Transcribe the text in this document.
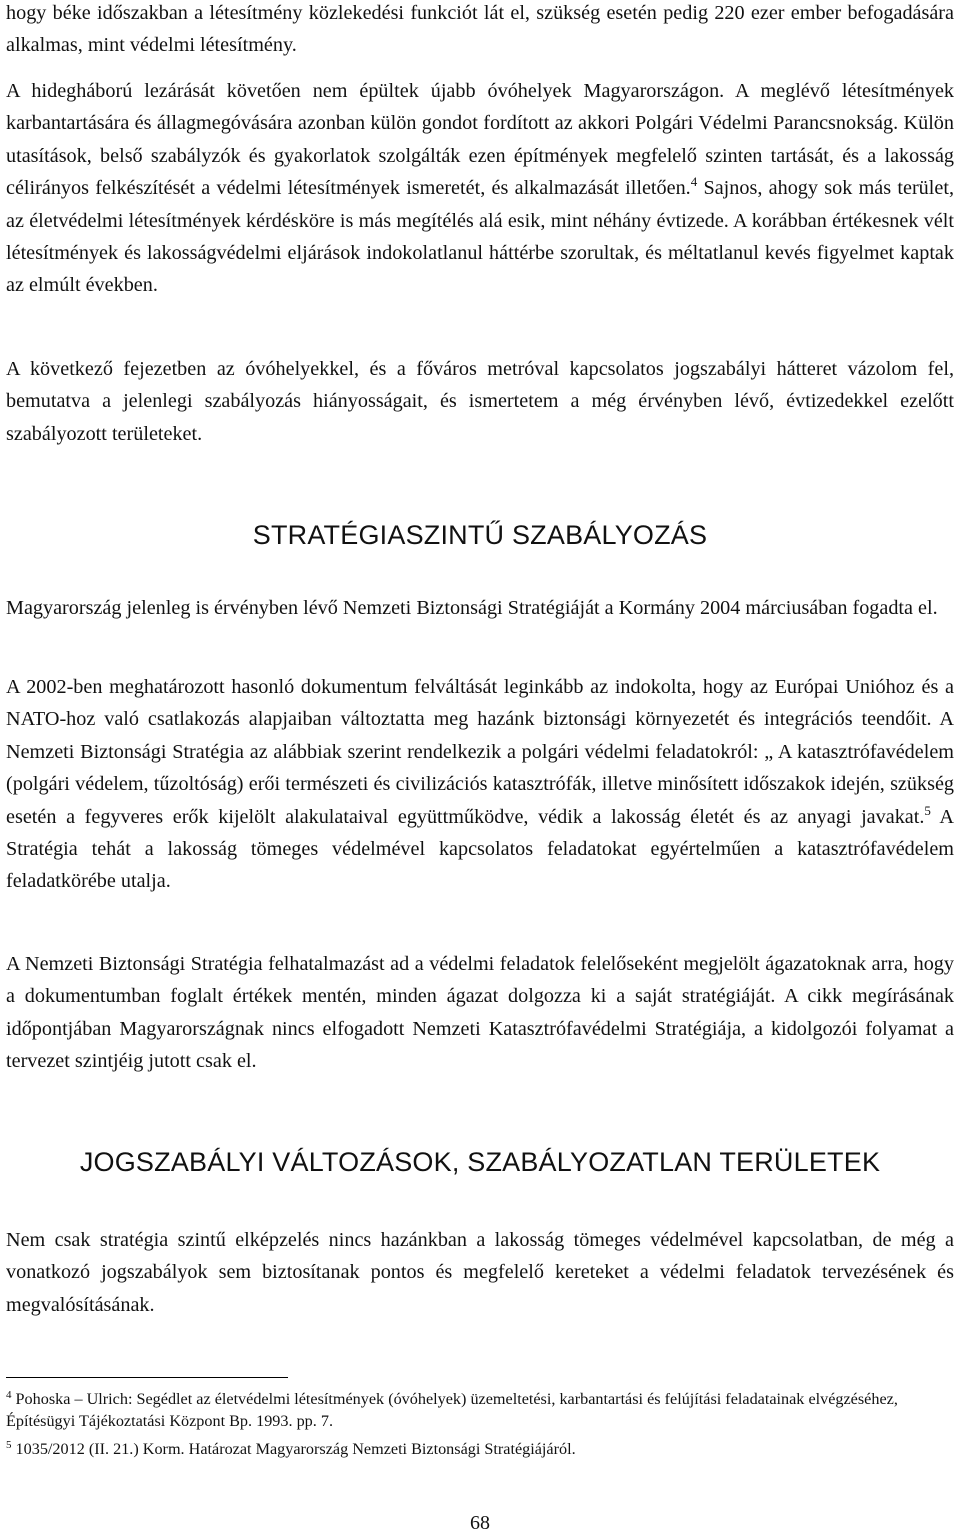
hogy béke időszakban a létesítmény közlekedési funkciót lát el, szükség esetén pedig 220 ezer ember befogadására alkalmas, mint védelmi létesítmény.

A hidegháború lezárását követően nem épültek újabb óvóhelyek Magyarországon. A meglévő létesítmények karbantartására és állagmegóvására azonban külön gondot fordított az akkori Polgári Védelmi Parancsnokság. Külön utasítások, belső szabályzók és gyakorlatok szolgálták ezen építmények megfelelő szinten tartását, és a lakosság célirányos felkészítését a védelmi létesítmények ismeretét, és alkalmazását illetően.$^4$ Sajnos, ahogy sok más terület, az életvédelmi létesítmények kérdésköre is más megítélés alá esik, mint néhány évtizede. A korábban értékesnek vélt létesítmények és lakosságvédelmi eljárások indokolatlanul háttérbe szorultak, és méltatlanul kevés figyelmet kaptak az elmúlt években.

A következő fejezetben az óvóhelyekkel, és a főváros metróval kapcsolatos jogszabályi hátteret vázolom fel, bemutatva a jelenlegi szabályozás hiányosságait, és ismertetem a még érvényben lévő, évtizedekkel ezelőtt szabályozott területeket.

STRATÉGIASZINTŰ SZABÁLYOZÁS

Magyarország jelenleg is érvényben lévő Nemzeti Biztonsági Stratégiáját a Kormány 2004 márciusában fogadta el.

A 2002-ben meghatározott hasonló dokumentum felváltását leginkább az indokolta, hogy az Európai Unióhoz és a NATO-hoz való csatlakozás alapjaiban változtatta meg hazánk biztonsági környezetét és integrációs teendőit. A Nemzeti Biztonsági Stratégia az alábbiak szerint rendelkezik a polgári védelmi feladatokról: „ A katasztrófavédelem (polgári védelem, tűzoltóság) erői természeti és civilizációs katasztrófák, illetve minősített időszakok idején, szükség esetén a fegyveres erők kijelölt alakulataival együttműködve, védik a lakosság életét és az anyagi javakat.$^5$ A Stratégia tehát a lakosság tömeges védelmével kapcsolatos feladatokat egyértelműen a katasztrófavédelem feladatkörébe utalja.

A Nemzeti Biztonsági Stratégia felhatalmazást ad a védelmi feladatok felelőseként megjelölt ágazatoknak arra, hogy a dokumentumban foglalt értékek mentén, minden ágazat dolgozza ki a saját stratégiáját. A cikk megírásának időpontjában Magyarországnak nincs elfogadott Nemzeti Katasztrófavédelmi Stratégiája, a kidolgozói folyamat a tervezet szintjéig jutott csak el.

JOGSZABÁLYI VÁLTOZÁSOK, SZABÁLYOZATLAN TERÜLETEK

Nem csak stratégia szintű elképzelés nincs hazánkban a lakosság tömeges védelmével kapcsolatban, de még a vonatkozó jogszabályok sem biztosítanak pontos és megfelelő kereteket a védelmi feladatok tervezésének és megvalósításának.

$^4$ Pohoska – Ulrich: Segédlet az életvédelmi létesítmények (óvóhelyek) üzemeltetési, karbantartási és felújítási feladatainak elvégzéséhez, Építésügyi Tájékoztatási Központ Bp. 1993. pp. 7.

$^5$ 1035/2012 (II. 21.) Korm. Határozat Magyarország Nemzeti Biztonsági Stratégiájáról.

68
